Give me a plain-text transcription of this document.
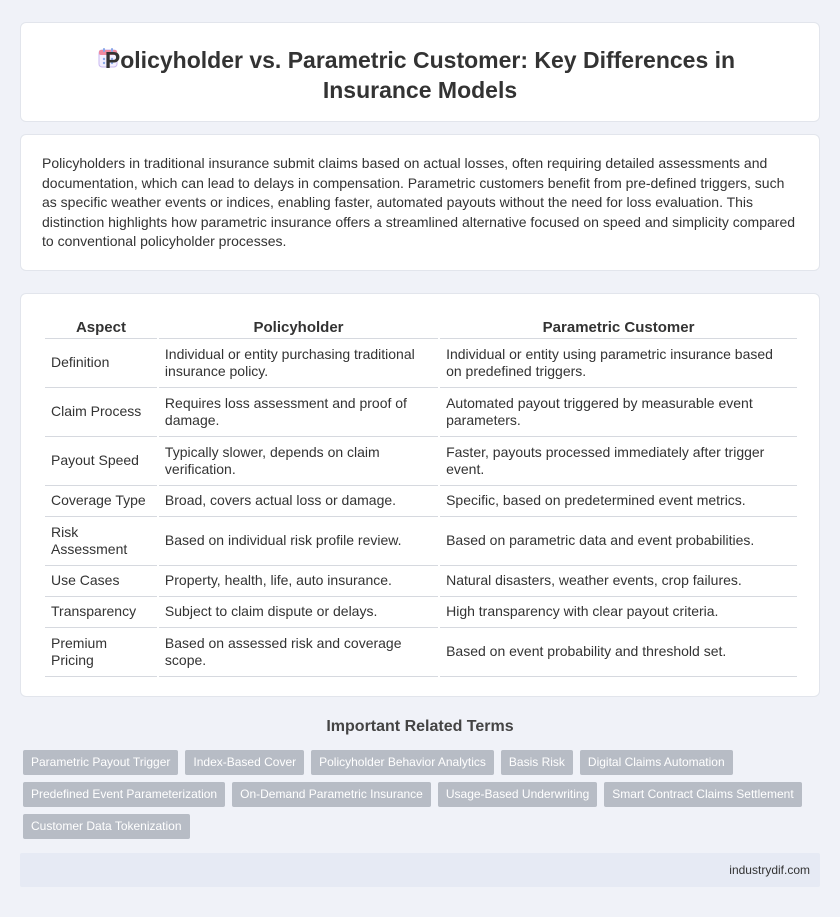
Policyholder vs. Parametric Customer: Key Differences in Insurance Models

Policyholders in traditional insurance submit claims based on actual losses, often requiring detailed assessments and documentation, which can lead to delays in compensation. Parametric customers benefit from pre-defined triggers, such as specific weather events or indices, enabling faster, automated payouts without the need for loss evaluation. This distinction highlights how parametric insurance offers a streamlined alternative focused on speed and simplicity compared to conventional policyholder processes.

Aspect	Policyholder	Parametric Customer
Definition	Individual or entity purchasing traditional insurance policy.	Individual or entity using parametric insurance based on predefined triggers.
Claim Process	Requires loss assessment and proof of damage.	Automated payout triggered by measurable event parameters.
Payout Speed	Typically slower, depends on claim verification.	Faster, payouts processed immediately after trigger event.
Coverage Type	Broad, covers actual loss or damage.	Specific, based on predetermined event metrics.
Risk Assessment	Based on individual risk profile review.	Based on parametric data and event probabilities.
Use Cases	Property, health, life, auto insurance.	Natural disasters, weather events, crop failures.
Transparency	Subject to claim dispute or delays.	High transparency with clear payout criteria.
Premium Pricing	Based on assessed risk and coverage scope.	Based on event probability and threshold set.
Important Related Terms
Parametric Payout Trigger	Index-Based Cover	Policyholder Behavior Analytics	Basis Risk	Digital Claims Automation
Predefined Event Parameterization	On-Demand Parametric Insurance	Usage-Based Underwriting	Smart Contract Claims Settlement
Customer Data Tokenization
industrydif.com
